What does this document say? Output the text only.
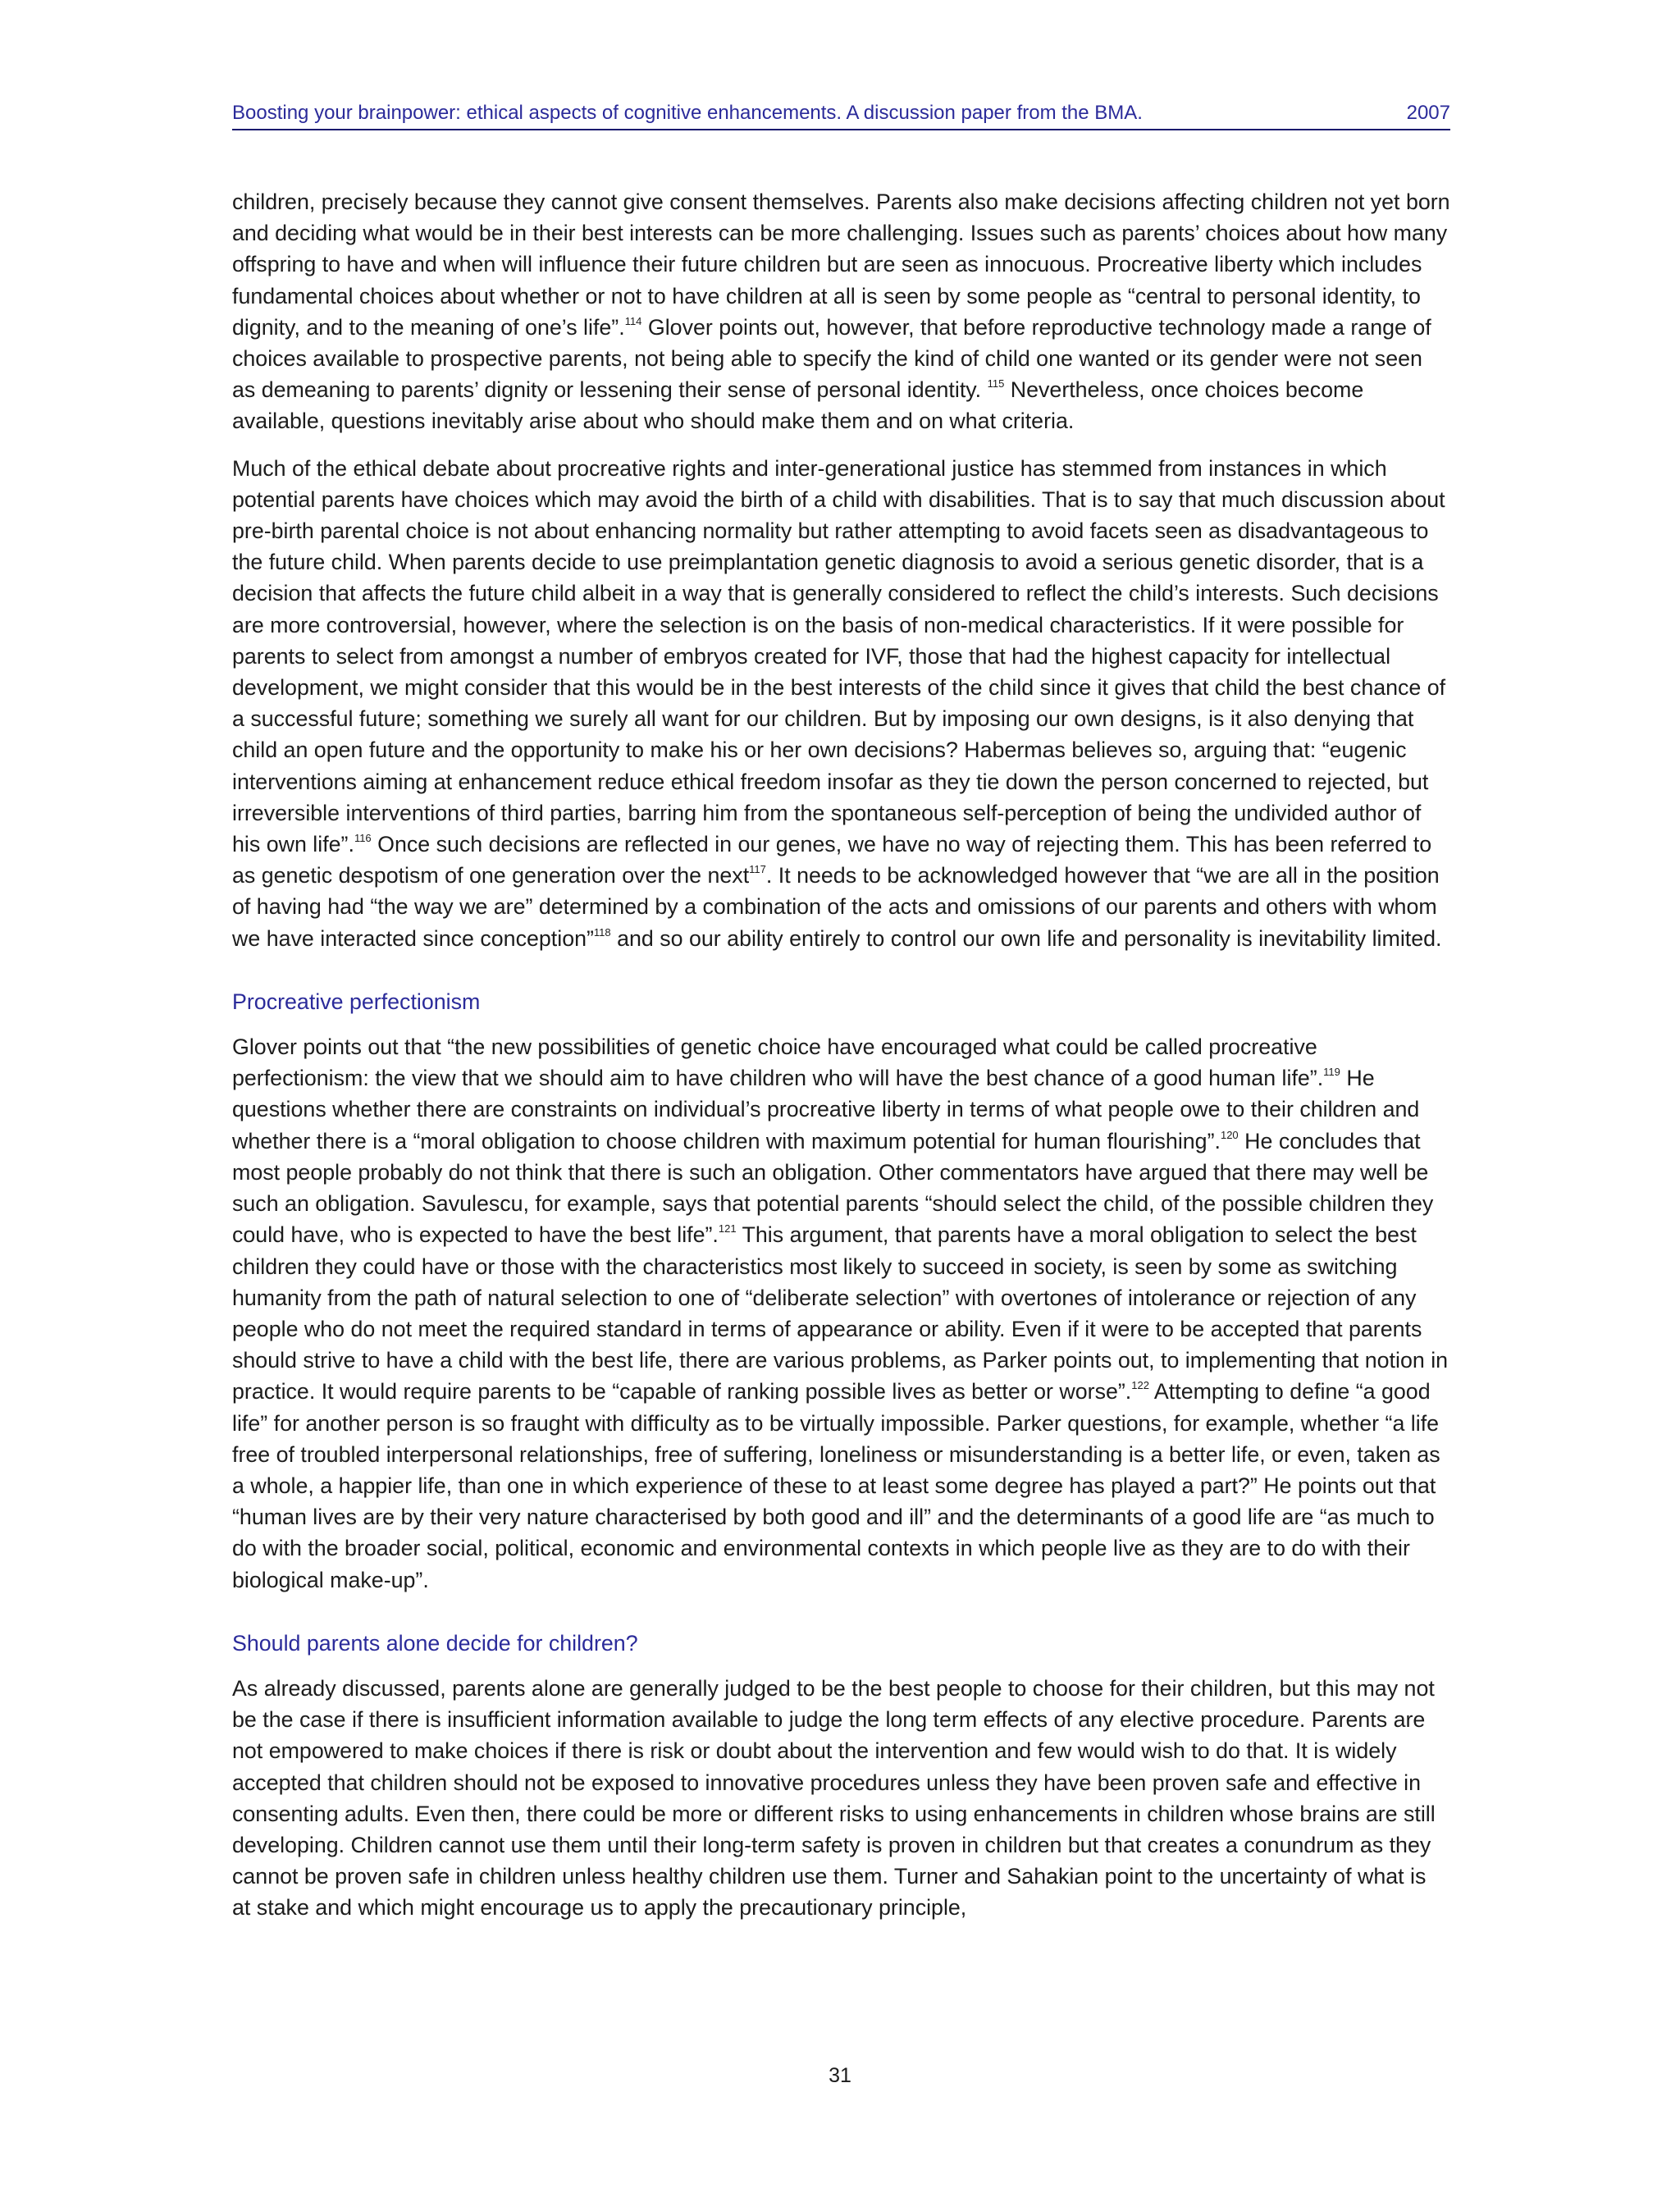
Boosting your brainpower: ethical aspects of cognitive enhancements. A discussion paper from the BMA.	2007

children, precisely because they cannot give consent themselves. Parents also make decisions affecting children not yet born and deciding what would be in their best interests can be more challenging. Issues such as parents’ choices about how many offspring to have and when will influence their future children but are seen as innocuous. Procreative liberty which includes fundamental choices about whether or not to have children at all is seen by some people as “central to personal identity, to dignity, and to the meaning of one’s life”.$^{114}$ Glover points out, however, that before reproductive technology made a range of choices available to prospective parents, not being able to specify the kind of child one wanted or its gender were not seen as demeaning to parents’ dignity or lessening their sense of personal identity. $^{115}$ Nevertheless, once choices become available, questions inevitably arise about who should make them and on what criteria.

Much of the ethical debate about procreative rights and inter-generational justice has stemmed from instances in which potential parents have choices which may avoid the birth of a child with disabilities. That is to say that much discussion about pre-birth parental choice is not about enhancing normality but rather attempting to avoid facets seen as disadvantageous to the future child. When parents decide to use preimplantation genetic diagnosis to avoid a serious genetic disorder, that is a decision that affects the future child albeit in a way that is generally considered to reflect the child’s interests. Such decisions are more controversial, however, where the selection is on the basis of non-medical characteristics. If it were possible for parents to select from amongst a number of embryos created for IVF, those that had the highest capacity for intellectual development, we might consider that this would be in the best interests of the child since it gives that child the best chance of a successful future; something we surely all want for our children. But by imposing our own designs, is it also denying that child an open future and the opportunity to make his or her own decisions? Habermas believes so, arguing that: “eugenic interventions aiming at enhancement reduce ethical freedom insofar as they tie down the person concerned to rejected, but irreversible interventions of third parties, barring him from the spontaneous self-perception of being the undivided author of his own life”.$^{116}$ Once such decisions are reflected in our genes, we have no way of rejecting them. This has been referred to as genetic despotism of one generation over the next$^{117}$. It needs to be acknowledged however that “we are all in the position of having had “the way we are” determined by a combination of the acts and omissions of our parents and others with whom we have interacted since conception”$^{118}$ and so our ability entirely to control our own life and personality is inevitability limited.

Procreative perfectionism

Glover points out that “the new possibilities of genetic choice have encouraged what could be called procreative perfectionism: the view that we should aim to have children who will have the best chance of a good human life”.$^{119}$ He questions whether there are constraints on individual’s procreative liberty in terms of what people owe to their children and whether there is a “moral obligation to choose children with maximum potential for human flourishing”.$^{120}$ He concludes that most people probably do not think that there is such an obligation. Other commentators have argued that there may well be such an obligation. Savulescu, for example, says that potential parents “should select the child, of the possible children they could have, who is expected to have the best life”.$^{121}$ This argument, that parents have a moral obligation to select the best children they could have or those with the characteristics most likely to succeed in society, is seen by some as switching humanity from the path of natural selection to one of “deliberate selection” with overtones of intolerance or rejection of any people who do not meet the required standard in terms of appearance or ability. Even if it were to be accepted that parents should strive to have a child with the best life, there are various problems, as Parker points out, to implementing that notion in practice. It would require parents to be “capable of ranking possible lives as better or worse”.$^{122}$ Attempting to define “a good life” for another person is so fraught with difficulty as to be virtually impossible. Parker questions, for example, whether “a life free of troubled interpersonal relationships, free of suffering, loneliness or misunderstanding is a better life, or even, taken as a whole, a happier life, than one in which experience of these to at least some degree has played a part?” He points out that “human lives are by their very nature characterised by both good and ill” and the determinants of a good life are “as much to do with the broader social, political, economic and environmental contexts in which people live as they are to do with their biological make-up”.

Should parents alone decide for children?

As already discussed, parents alone are generally judged to be the best people to choose for their children, but this may not be the case if there is insufficient information available to judge the long term effects of any elective procedure. Parents are not empowered to make choices if there is risk or doubt about the intervention and few would wish to do that. It is widely accepted that children should not be exposed to innovative procedures unless they have been proven safe and effective in consenting adults. Even then, there could be more or different risks to using enhancements in children whose brains are still developing. Children cannot use them until their long-term safety is proven in children but that creates a conundrum as they cannot be proven safe in children unless healthy children use them. Turner and Sahakian point to the uncertainty of what is at stake and which might encourage us to apply the precautionary principle,

31
